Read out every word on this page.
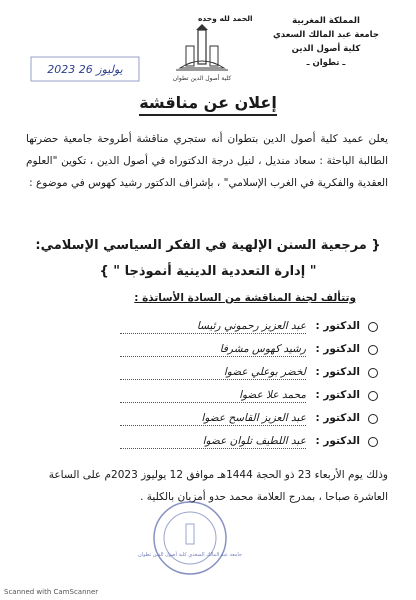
الحمد لله وحده	المملكة المغربية
جامعة عبد المالك السعدي
كلية أصول الدين
ـ تطوان ـ
كلية أصول الدين تطوان
2023 يوليوز 26
إعلان عن مناقشة
يعلن عميد كلية أصول الدين بتطوان أنه ستجري مناقشة أطروحة جامعية حضرتها الطالبة الباحثة : سعاد منديل ، لنيل درجة الدكتوراه في أصول الدين ، تكوين "العلوم العقدية والفكرية في الغرب الإسلامي" ، بإشراف الدكتور رشيد كهوس في موضوع :
{ مرجعية السنن الإلهية في الفكر السياسي الإسلامي:
" إدارة التعددية الدينية أنموذجا " }
وتتألف لجنة المناقشة من السادة الأساتذة :
الدكتور :
عبد العزيز رحموني رئيسا
الدكتور :
رشيد كهوس مشرفا
الدكتور :
لخضر بوعلي عضوا
الدكتور :
محمد علا عضوا
الدكتور :
عبد العزيز القاسح عضوا
الدكتور :
عبد اللطيف تلوان عضوا
وذلك يوم الأربعاء 23 ذو الحجة 1444هـ موافق 12 يوليوز 2023م على الساعة العاشرة صباحا ، بمدرج العلامة محمد حدو أمزيان بالكلية .
جامعة عبد المالك السعدي كلية أصول الدين تطوان
Scanned with CamScanner
